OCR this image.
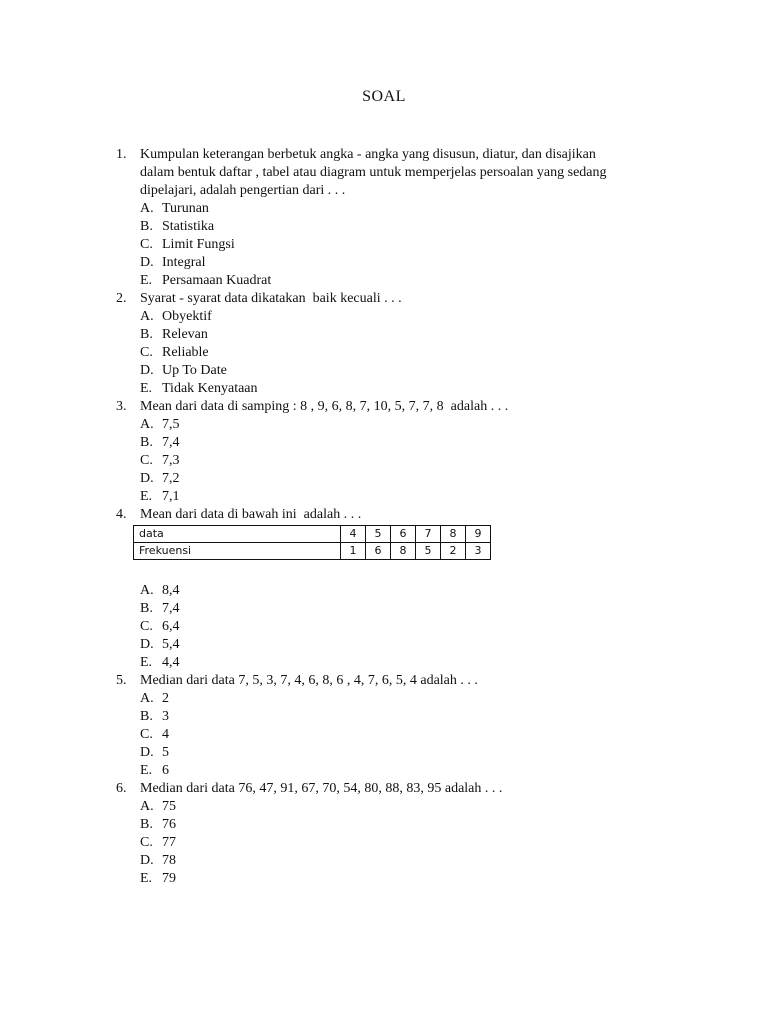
SOAL
1. Kumpulan keterangan berbetuk angka - angka yang disusun, diatur, dan disajikan
dalam bentuk daftar , tabel atau diagram untuk memperjelas persoalan yang sedang
dipelajari, adalah pengertian dari . . .
A. Turunan
B. Statistika
C. Limit Fungsi
D. Integral
E. Persamaan Kuadrat
2. Syarat - syarat data dikatakan  baik kecuali . . .
A. Obyektif
B. Relevan
C. Reliable
D. Up To Date
E. Tidak Kenyataan
3. Mean dari data di samping : 8 , 9, 6, 8, 7, 10, 5, 7, 7, 8  adalah . . .
A. 7,5
B. 7,4
C. 7,3
D. 7,2
E. 7,1
4. Mean dari data di bawah ini  adalah . . .
data	4	5	6	7	8	9
Frekuensi	1	6	8	5	2	3
A. 8,4
B. 7,4
C. 6,4
D. 5,4
E. 4,4
5. Median dari data 7, 5, 3, 7, 4, 6, 8, 6 , 4, 7, 6, 5, 4 adalah . . .
A. 2
B. 3
C. 4
D. 5
E. 6
6. Median dari data 76, 47, 91, 67, 70, 54, 80, 88, 83, 95 adalah . . .
A. 75
B. 76
C. 77
D. 78
E. 79
